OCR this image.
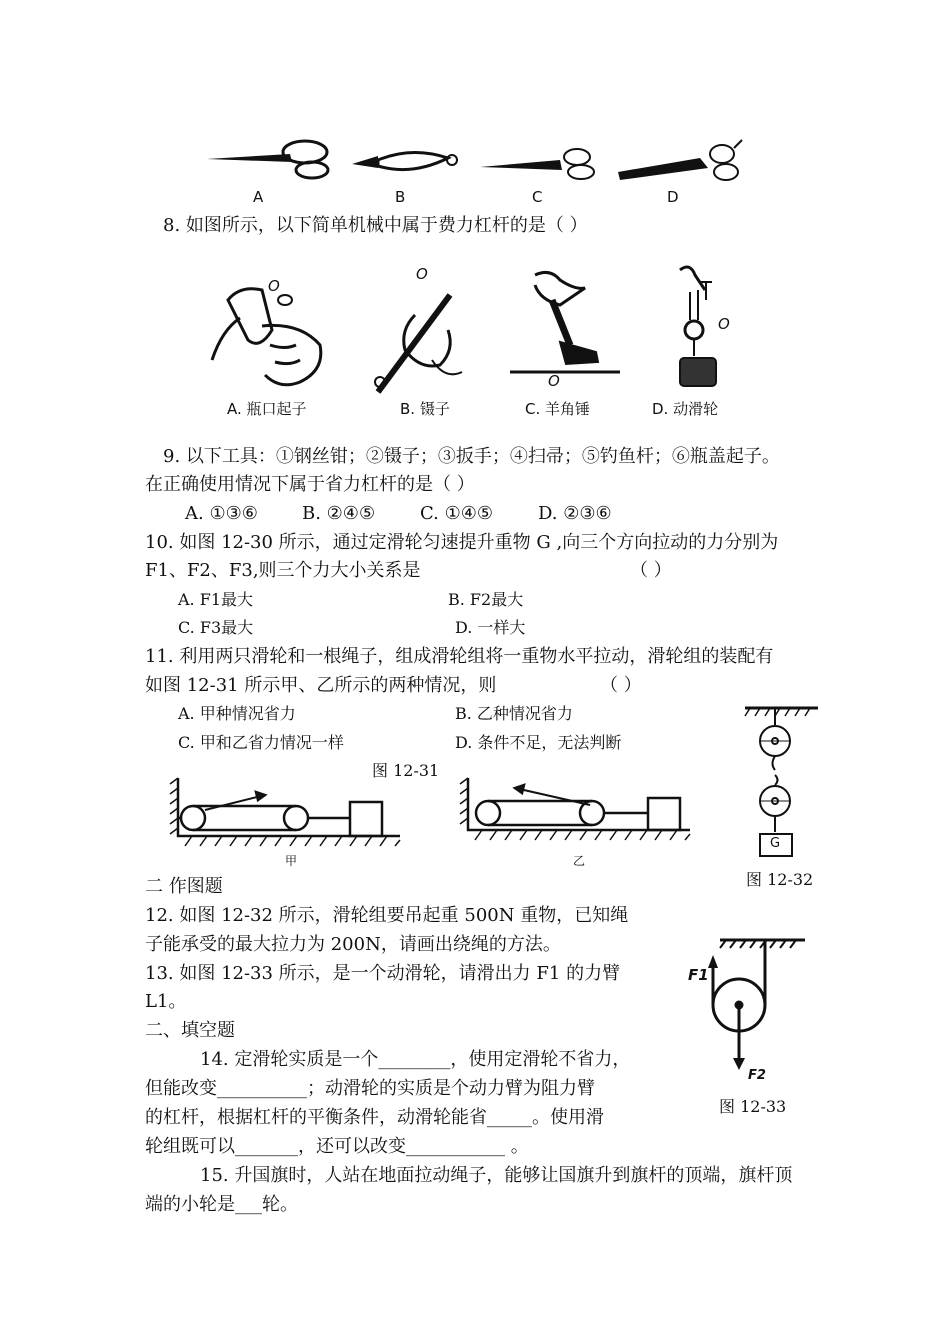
A	B	C	D
8. 如图所示，以下简单机械中属于费力杠杆的是（ ）
O
O
O
O
A. 瓶口起子	B. 镊子	C. 羊角锤	D. 动滑轮
9. 以下工具：①钢丝钳；②镊子；③扳手；④扫帚；⑤钓鱼杆；⑥瓶盖起子。
在正确使用情况下属于省力杠杆的是（ ）
A. ①③⑥ B. ②④⑤ C. ①④⑤	D. ②③⑥
10. 如图 12-30 所示，通过定滑轮匀速提升重物 G ,向三个方向拉动的力分别为
F1、F2、F3,则三个力大小关系是	（ ）
A. F1最大	B. F2最大
C. F3最大	D. 一样大
11. 利用两只滑轮和一根绳子，组成滑轮组将一重物水平拉动，滑轮组的装配有
如图 12-31 所示甲、乙所示的两种情况，则	（ ）
A. 甲种情况省力	B. 乙种情况省力
C. 甲和乙省力情况一样	D. 条件不足，无法判断
图 12-31
甲	乙
G
图 12-32
二 作图题
12. 如图 12-32 所示，滑轮组要吊起重 500N 重物，已知绳
子能承受的最大拉力为 200N，请画出绕绳的方法。
13. 如图 12-33 所示，是一个动滑轮，请滑出力 F1 的力臂
L1。
F1
F2
图 12-33
二、填空题
14. 定滑轮实质是一个________，使用定滑轮不省力，
但能改变__________；动滑轮的实质是个动力臂为阻力臂
的杠杆，根据杠杆的平衡条件，动滑轮能省_____。使用滑
轮组既可以_______，还可以改变___________ 。
15. 升国旗时，人站在地面拉动绳子，能够让国旗升到旗杆的顶端，旗杆顶
端的小轮是___轮。
